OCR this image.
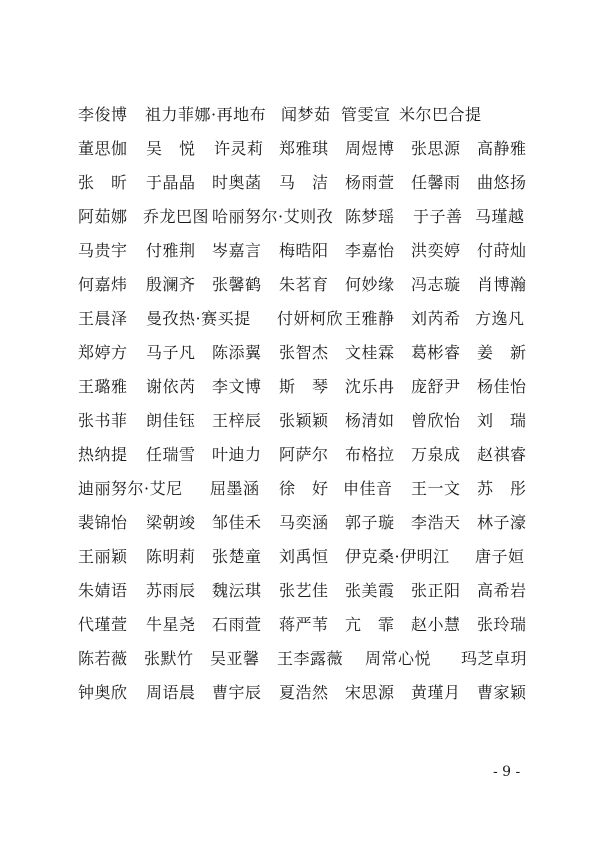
李俊博 祖力菲娜·再地布 闻梦茹 管雯宣 米尔巴合提
董思伽 吴　悦 许灵莉 郑雅琪 周煜博 张思源 高静雅
张　昕 于晶晶 时奥菡 马　洁 杨雨萱 任馨雨 曲悠扬
阿茹娜 乔龙巴图 哈丽努尔·艾则孜 陈梦瑶 于子善 马瑾越
马贵宇 付雅荆 岑嘉言 梅晧阳 李嘉怡 洪奕婷 付莳灿
何嘉炜 殷澜齐 张馨鹤 朱茗育 何妙缘 冯志璇 肖博瀚
王晨泽 曼孜热·赛买提 付妍柯欣 王雅静 刘芮希 方逸凡
郑婷方 马子凡 陈添翼 张智杰 文桂霖 葛彬睿 姜　新
王璐雅 谢依芮 李文博 斯　琴 沈乐冉 庞舒尹 杨佳怡
张书菲 朗佳钰 王梓辰 张颖颖 杨清如 曾欣怡 刘　瑞
热纳提 任瑞雪 叶迪力 阿萨尔 布格拉 万泉成 赵祺睿
迪丽努尔·艾尼 屈墨涵 徐　好 申佳音 王一文 苏　彤
裴锦怡 梁朝竣 邹佳禾 马奕涵 郭子璇 李浩天 林子濠
王丽颖 陈明莉 张楚童 刘禹恒 伊克桑·伊明江 唐子姮
朱婧语 苏雨辰 魏沄琪 张艺佳 张美霞 张正阳 高希岩
代瑾萱 牛星尧 石雨萱 蒋严苇 亢　霏 赵小慧 张玲瑞
陈若薇 张默竹 吴亚馨 王李露薇 周常心悦 玛芝卓玥
钟奥欣 周语晨 曹宇辰 夏浩然 宋思源 黄瑾月 曹家颖
- 9 -
